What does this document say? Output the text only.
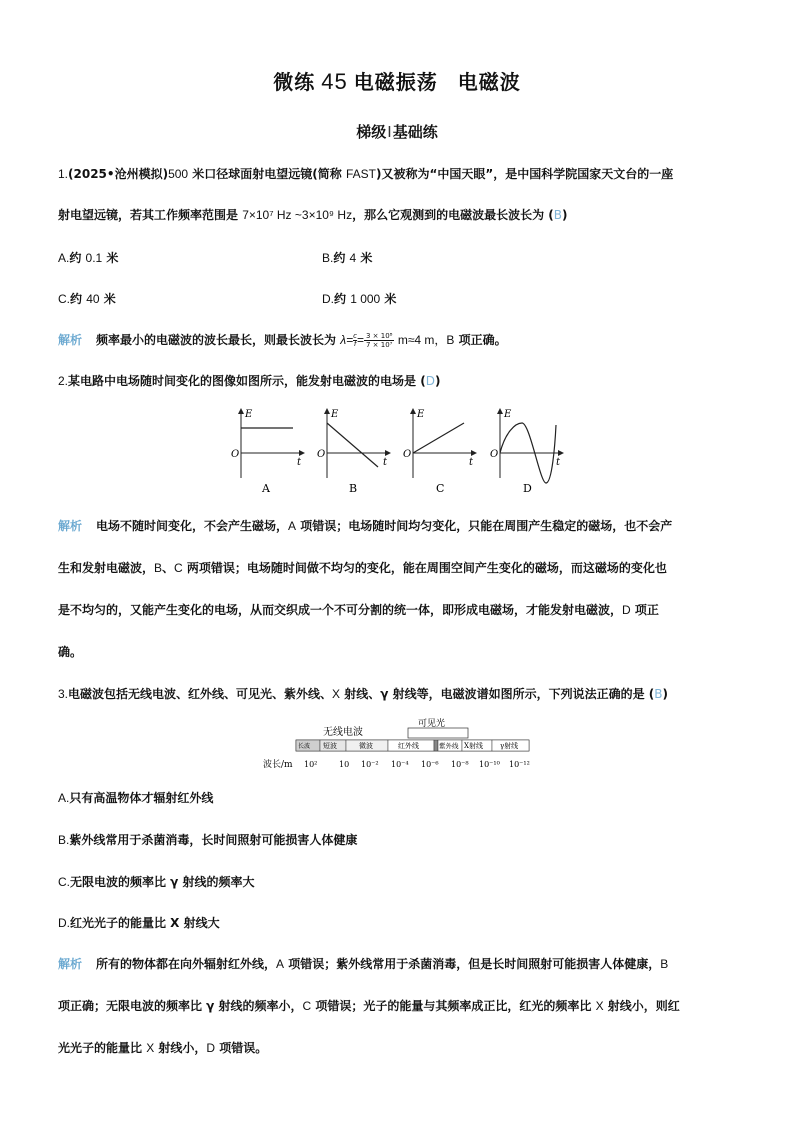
微练 45 电磁振荡 电磁波
梯级Ⅰ基础练
1.(2025•沧州模拟)500 米口径球面射电望远镜(简称 FAST)又被称为“中国天眼”，是中国科学院国家天文台的一座
射电望远镜，若其工作频率范围是 7×10⁷ Hz ~3×10⁹ Hz，那么它观测到的电磁波最长波长为 (B)
A.约 0.1 米	B.约 4 米
C.约 40 米	D.约 1 000 米
解析 频率最小的电磁波的波长最长，则最长波长为 $\lambda= \frac{c}{f}= \frac{\text{3 × 10⁸}}{\text{7 × 10⁷}} m\approx 4$ m，B 项正确。
2.某电路中电场随时间变化的图像如图所示，能发射电磁波的电场是 (D)
E
O
t
A
E
O
t
B
E
O
t
C
E
O
t
D
解析 电场不随时间变化，不会产生磁场，A 项错误；电场随时间均匀变化，只能在周围产生稳定的磁场，也不会产
生和发射电磁波，B、C 两项错误；电场随时间做不均匀的变化，能在周围空间产生变化的磁场，而这磁场的变化也
是不均匀的，又能产生变化的电场，从而交织成一个不可分割的统一体，即形成电磁场，才能发射电磁波，D 项正
确。
3.电磁波包括无线电波、红外线、可见光、紫外线、X 射线、γ 射线等，电磁波谱如图所示，下列说法正确的是 (B)
无线电波
可见光
长波 短波	微波	红外线	紫外线 X射线 γ射线
波长/m 10²	10 10⁻² 10⁻⁴ 10⁻⁶ 10⁻⁸ 10⁻¹⁰ 10⁻¹²
A.只有高温物体才辐射红外线
B.紫外线常用于杀菌消毒，长时间照射可能损害人体健康
C.无限电波的频率比 γ 射线的频率大
D.红光光子的能量比 X 射线大
解析 所有的物体都在向外辐射红外线，A 项错误；紫外线常用于杀菌消毒，但是长时间照射可能损害人体健康，B
项正确；无限电波的频率比 γ 射线的频率小，C 项错误；光子的能量与其频率成正比，红光的频率比 X 射线小，则红
光光子的能量比 X 射线小，D 项错误。
